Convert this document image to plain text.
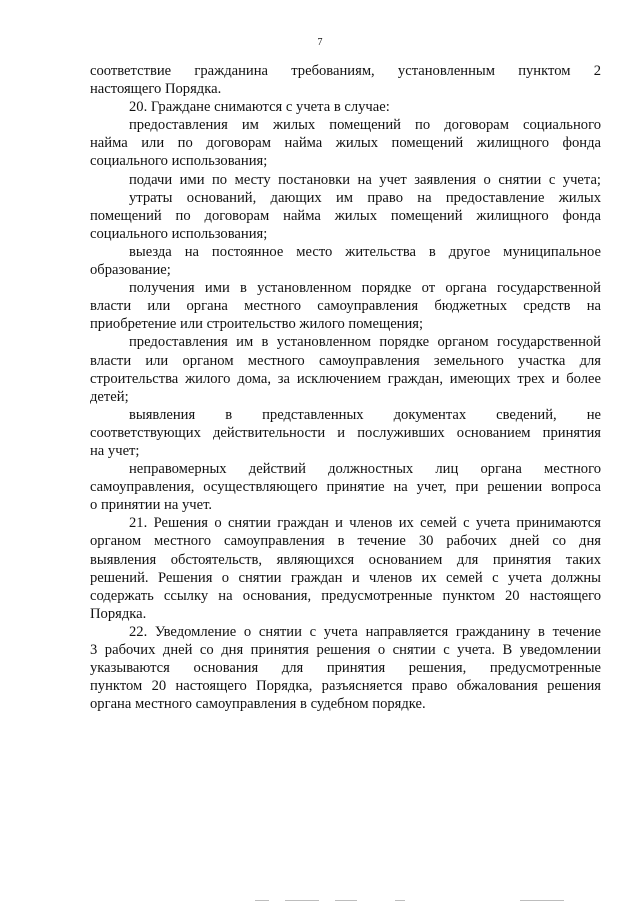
7
соответствие гражданина требованиям, установленным пунктом 2
настоящего Порядка.
20. Граждане снимаются с учета в случае:
предоставления им жилых помещений по договорам социального
найма или по договорам найма жилых помещений жилищного фонда
социального использования;
подачи ими по месту постановки на учет заявления о снятии с учета;
утраты оснований, дающих им право на предоставление жилых
помещений по договорам найма жилых помещений жилищного фонда
социального использования;
выезда на постоянное место жительства в другое муниципальное
образование;
получения ими в установленном порядке от органа государственной
власти или органа местного самоуправления бюджетных средств на
приобретение или строительство жилого помещения;
предоставления им в установленном порядке органом государственной
власти или органом местного самоуправления земельного участка для
строительства жилого дома, за исключением граждан, имеющих трех и более
детей;
выявления в представленных документах сведений, не
соответствующих действительности и послуживших основанием принятия
на учет;
неправомерных действий должностных лиц органа местного
самоуправления, осуществляющего принятие на учет, при решении вопроса
о принятии на учет.
21. Решения о снятии граждан и членов их семей с учета принимаются
органом местного самоуправления в течение 30 рабочих дней со дня
выявления обстоятельств, являющихся основанием для принятия таких
решений. Решения о снятии граждан и членов их семей с учета должны
содержать ссылку на основания, предусмотренные пунктом 20 настоящего
Порядка.
22. Уведомление о снятии с учета направляется гражданину в течение
3 рабочих дней со дня принятия решения о снятии с учета. В уведомлении
указываются основания для принятия решения, предусмотренные
пунктом 20 настоящего Порядка, разъясняется право обжалования решения
органа местного самоуправления в судебном порядке.
